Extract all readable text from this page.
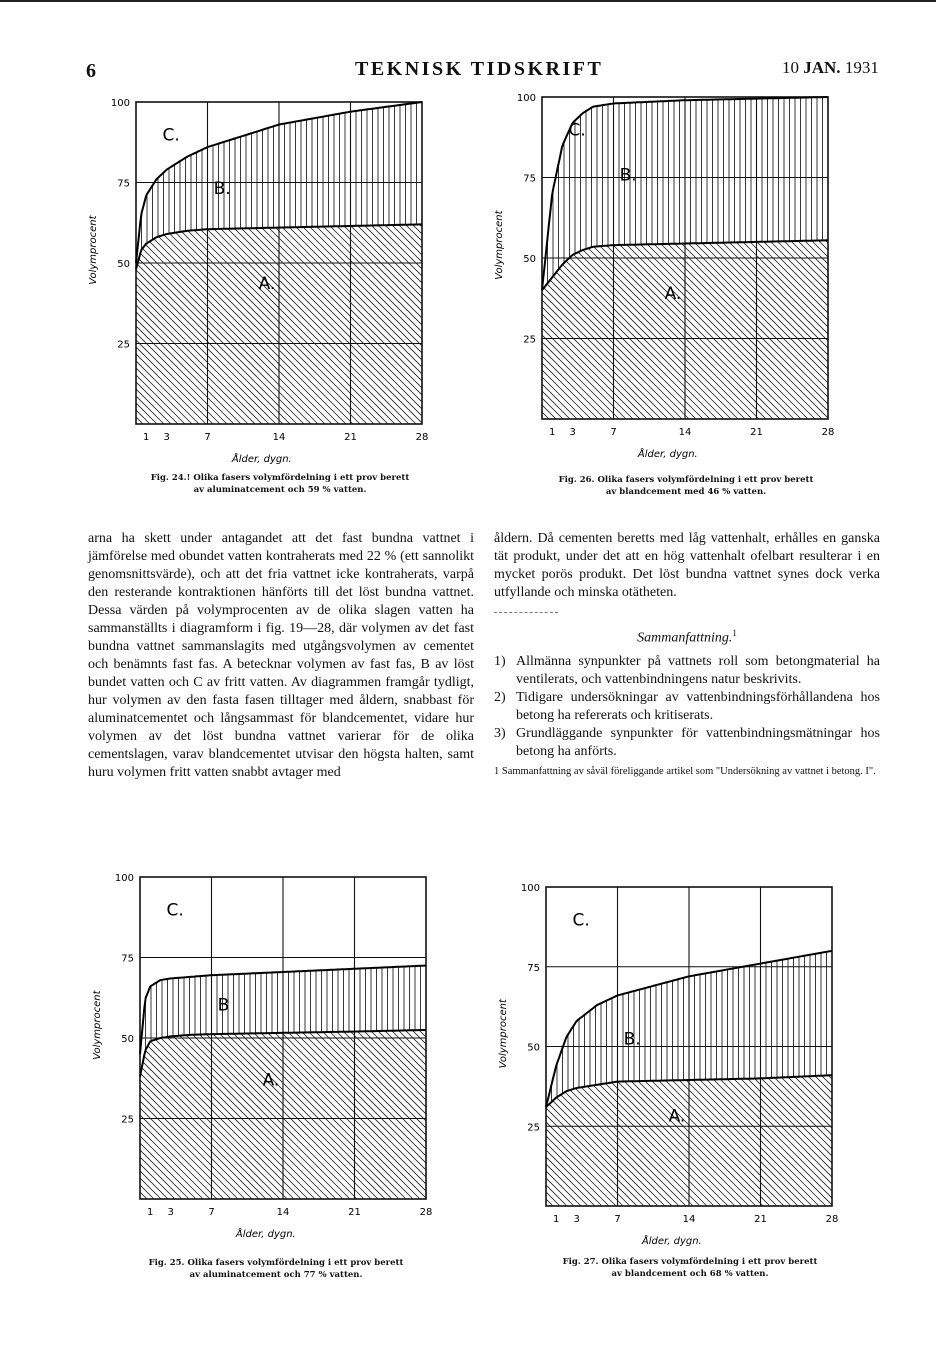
6	TEKNISK TIDSKRIFT	10 JAN. 1931
100
75
50
25
1 3	7	14	21	28
Ålder, dygn.
Volymprocent
C.
B.
A.
Fig. 24.! Olika fasers volymfördelning i ett prov berett
av aluminatcement och 59 % vatten.
100
75
50
25
1 3	7	14	21	28
Ålder, dygn.
Volymprocent
C.
B.
A.
Fig. 26. Olika fasers volymfördelning i ett prov berett
av blandcement med 46 % vatten.

arna ha skett under antagandet att det fast bundna vattnet i jämförelse med obundet vatten kontraherats med 22 % (ett sannolikt genomsnittsvärde), och att det fria vattnet icke kontraherats, varpå den resterande kontraktionen hänförts till det löst bundna vattnet. Dessa värden på volymprocenten av de olika slagen vatten ha sammanställts i diagramform i fig. 19—28, där volymen av det fast bundna vattnet sammanslagits med utgångsvolymen av cementet och benämnts fast fas. A betecknar volymen av fast fas, B av löst bundet vatten och C av fritt vatten. Av diagrammen framgår tydligt, hur volymen av den fasta fasen tilltager med åldern, snabbast för aluminatcementet och långsammast för blandcementet, vidare hur volymen av det löst bundna vattnet varierar för de olika cementslagen, varav blandcementet utvisar den högsta halten, samt huru volymen fritt vatten snabbt avtager med

åldern. Då cementen beretts med låg vattenhalt, erhålles en ganska tät produkt, under det att en hög vattenhalt ofelbart resulterar i en mycket porös produkt. Det löst bundna vattnet synes dock verka utfyllande och minska otätheten.
Sammanfattning.$^1$
1) Allmänna synpunkter på vattnets roll som betongmaterial ha ventilerats, och vattenbindningens natur beskrivits.
2) Tidigare undersökningar av vattenbindningsförhållandena hos betong ha refererats och kritiserats.
3) Grundläggande synpunkter för vattenbindningsmätningar hos betong ha anförts.
1 Sammanfattning av såväl föreliggande artikel som "Undersökning av vattnet i betong. I".
100
75
50
25
1 3	7	14	21	28
Ålder, dygn.
Volymprocent
C.
B
A.
Fig. 25. Olika fasers volymfördelning i ett prov berett
av aluminatcement och 77 % vatten.
100
75
50
25
1 3	7	14	21	28
Ålder, dygn.
Volymprocent
C.
B.
A.
Fig. 27. Olika fasers volymfördelning i ett prov berett
av blandcement och 68 % vatten.
